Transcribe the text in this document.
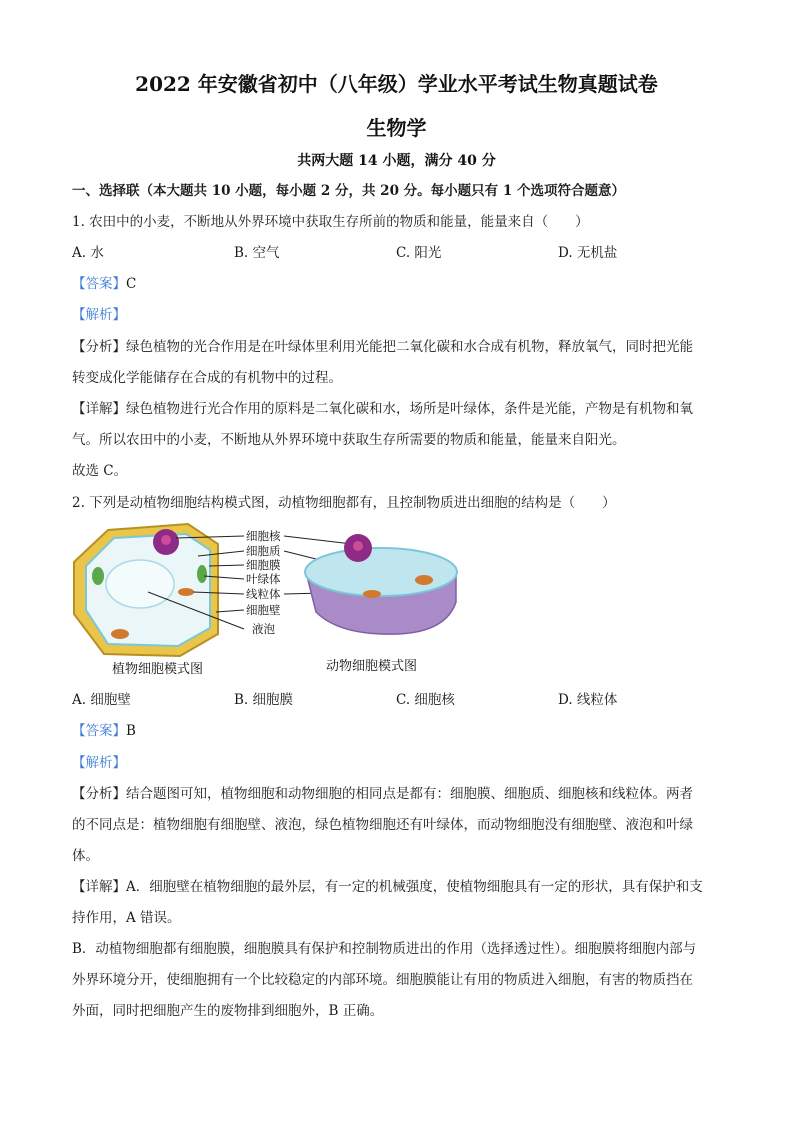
2022 年安徽省初中（八年级）学业水平考试生物真题试卷
生物学
共两大题 14 小题，满分 40 分
一、选择联（本大题共 10 小题，每小题 2 分，共 20 分。每小题只有 1 个选项符合题意）
1. 农田中的小麦，不断地从外界环境中获取生存所前的物质和能量，能量来自（　　）
A. 水	B. 空气	C. 阳光	D. 无机盐
【答案】C
【解析】
【分析】绿色植物的光合作用是在叶绿体里利用光能把二氧化碳和水合成有机物，释放氧气，同时把光能
转变成化学能储存在合成的有机物中的过程。
【详解】绿色植物进行光合作用的原料是二氧化碳和水，场所是叶绿体，条件是光能，产物是有机物和氧
气。所以农田中的小麦，不断地从外界环境中获取生存所需要的物质和能量，能量来自阳光。
故选 C。
2. 下列是动植物细胞结构模式图，动植物细胞都有，且控制物质进出细胞的结构是（　　）
细胞核
细胞质
细胞膜
叶绿体
线粒体
细胞壁
液泡
植物细胞模式图	动物细胞模式图
A. 细胞壁	B. 细胞膜	C. 细胞核	D. 线粒体
【答案】B
【解析】
【分析】结合题图可知，植物细胞和动物细胞的相同点是都有：细胞膜、细胞质、细胞核和线粒体。两者
的不同点是：植物细胞有细胞壁、液泡，绿色植物细胞还有叶绿体，而动物细胞没有细胞壁、液泡和叶绿
体。
【详解】A．细胞壁在植物细胞的最外层，有一定的机械强度，使植物细胞具有一定的形状，具有保护和支
持作用，A 错误。
B．动植物细胞都有细胞膜，细胞膜具有保护和控制物质进出的作用（选择透过性）。细胞膜将细胞内部与
外界环境分开，使细胞拥有一个比较稳定的内部环境。细胞膜能让有用的物质进入细胞，有害的物质挡在
外面，同时把细胞产生的废物排到细胞外，B 正确。
